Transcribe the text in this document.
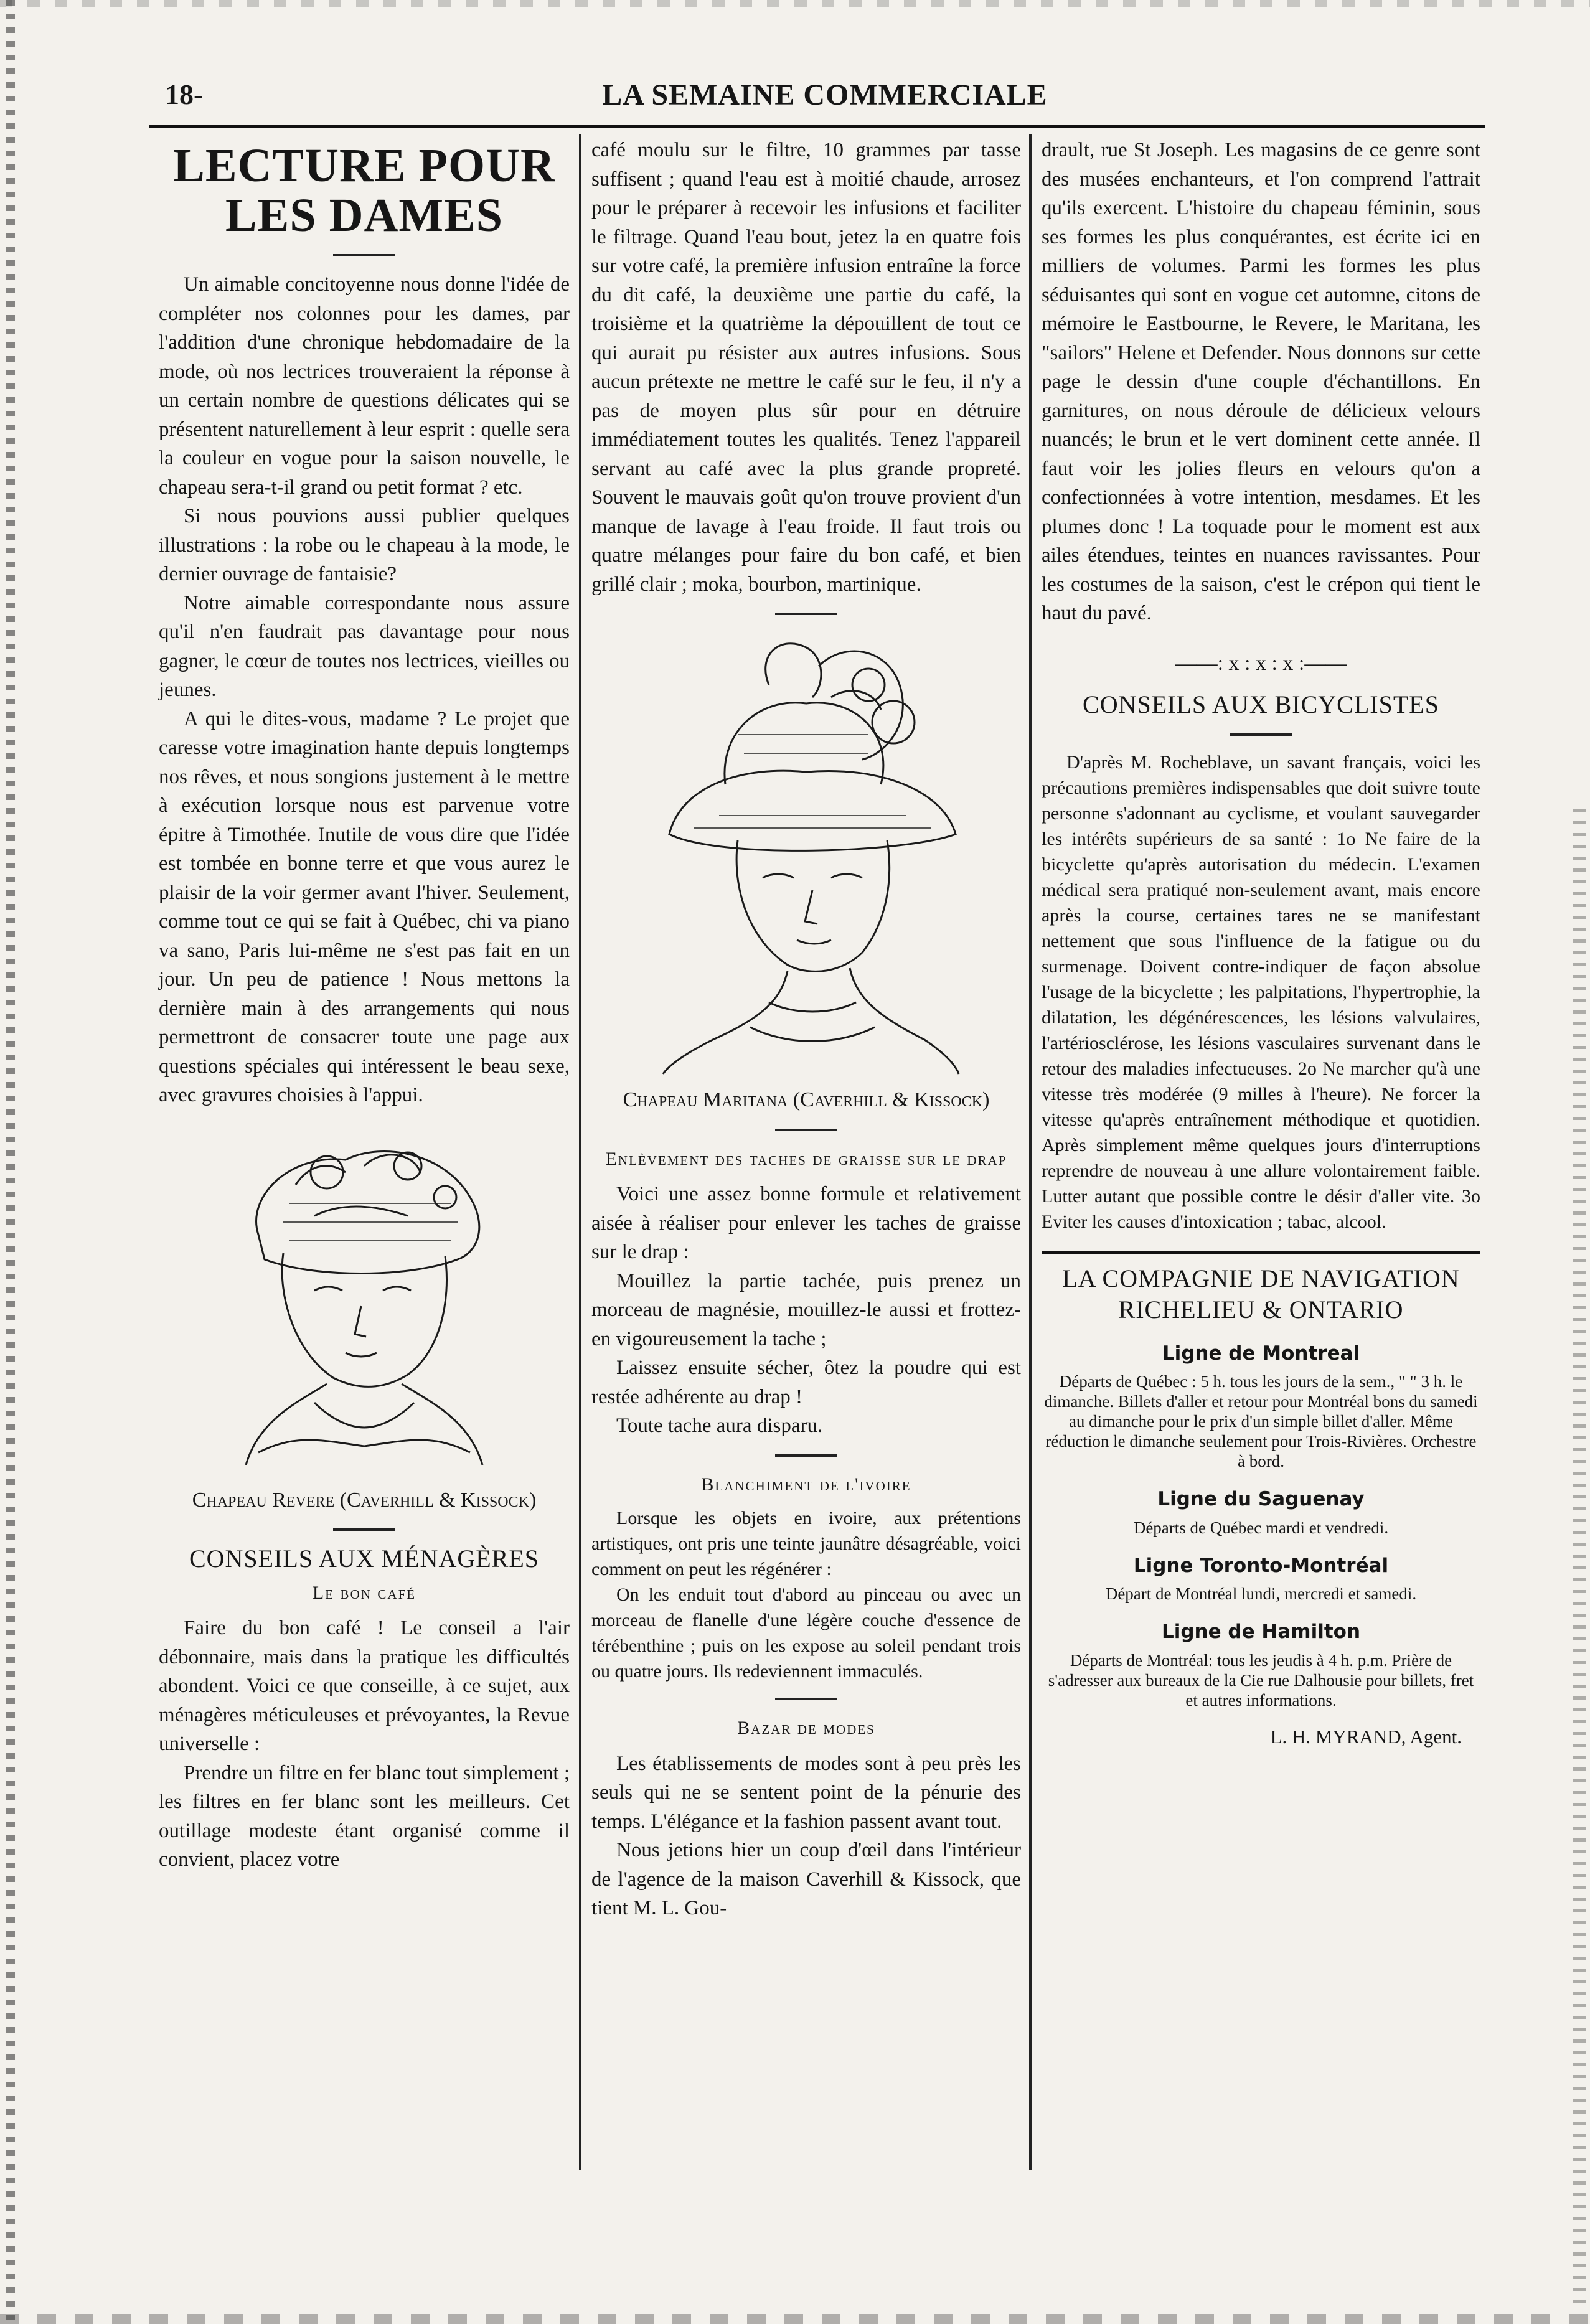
18-	LA SEMAINE COMMERCIALE
LECTURE POUR LES DAMES

Un aimable concitoyenne nous donne l'idée de compléter nos colonnes pour les dames, par l'addition d'une chronique hebdomadaire de la mode, où nos lectrices trouveraient la réponse à un certain nombre de questions délicates qui se présentent naturellement à leur esprit : quelle sera la couleur en vogue pour la saison nouvelle, le chapeau sera-t-il grand ou petit format ? etc.

Si nous pouvions aussi publier quelques illustrations : la robe ou le chapeau à la mode, le dernier ouvrage de fantaisie?

Notre aimable correspondante nous assure qu'il n'en faudrait pas davantage pour nous gagner, le cœur de toutes nos lectrices, vieilles ou jeunes.

A qui le dites-vous, madame ? Le projet que caresse votre imagination hante depuis longtemps nos rêves, et nous songions justement à le mettre à exécution lorsque nous est parvenue votre épitre à Timothée. Inutile de vous dire que l'idée est tombée en bonne terre et que vous aurez le plaisir de la voir germer avant l'hiver. Seulement, comme tout ce qui se fait à Québec, chi va piano va sano, Paris lui-même ne s'est pas fait en un jour. Un peu de patience ! Nous mettons la dernière main à des arrangements qui nous permettront de consacrer toute une page aux questions spéciales qui intéressent le beau sexe, avec gravures choisies à l'appui.

Chapeau Revere (Caverhill & Kissock)
CONSEILS AUX MÉNAGÈRES
Le bon café

Faire du bon café ! Le conseil a l'air débonnaire, mais dans la pratique les difficultés abondent. Voici ce que conseille, à ce sujet, aux ménagères méticuleuses et prévoyantes, la Revue universelle :

Prendre un filtre en fer blanc tout simplement ; les filtres en fer blanc sont les meilleurs. Cet outillage modeste étant organisé comme il convient, placez votre

café moulu sur le filtre, 10 grammes par tasse suffisent ; quand l'eau est à moitié chaude, arrosez pour le préparer à recevoir les infusions et faciliter le filtrage. Quand l'eau bout, jetez la en quatre fois sur votre café, la première infusion entraîne la force du dit café, la deuxième une partie du café, la troisième et la quatrième la dépouillent de tout ce qui aurait pu résister aux autres infusions. Sous aucun prétexte ne mettre le café sur le feu, il n'y a pas de moyen plus sûr pour en détruire immédiatement toutes les qualités. Tenez l'appareil servant au café avec la plus grande propreté. Souvent le mauvais goût qu'on trouve provient d'un manque de lavage à l'eau froide. Il faut trois ou quatre mélanges pour faire du bon café, et bien grillé clair ; moka, bourbon, martinique.

Chapeau Maritana (Caverhill & Kissock)
Enlèvement des taches de graisse sur le drap

Voici une assez bonne formule et relativement aisée à réaliser pour enlever les taches de graisse sur le drap :

Mouillez la partie tachée, puis prenez un morceau de magnésie, mouillez-le aussi et frottez-en vigoureusement la tache ;

Laissez ensuite sécher, ôtez la poudre qui est restée adhérente au drap !

Toute tache aura disparu.

Blanchiment de l'ivoire

Lorsque les objets en ivoire, aux prétentions artistiques, ont pris une teinte jaunâtre désagréable, voici comment on peut les régénérer :

On les enduit tout d'abord au pinceau ou avec un morceau de flanelle d'une légère couche d'essence de térébenthine ; puis on les expose au soleil pendant trois ou quatre jours. Ils redeviennent immaculés.

Bazar de modes

Les établissements de modes sont à peu près les seuls qui ne se sentent point de la pénurie des temps. L'élégance et la fashion passent avant tout.

Nous jetions hier un coup d'œil dans l'intérieur de l'agence de la maison Caverhill & Kissock, que tient M. L. Gou-

drault, rue St Joseph. Les magasins de ce genre sont des musées enchanteurs, et l'on comprend l'attrait qu'ils exercent. L'histoire du chapeau féminin, sous ses formes les plus conquérantes, est écrite ici en milliers de volumes. Parmi les formes les plus séduisantes qui sont en vogue cet automne, citons de mémoire le Eastbourne, le Revere, le Maritana, les "sailors" Helene et Defender. Nous donnons sur cette page le dessin d'une couple d'échantillons. En garnitures, on nous déroule de délicieux velours nuancés; le brun et le vert dominent cette année. Il faut voir les jolies fleurs en velours qu'on a confectionnées à votre intention, mesdames. Et les plumes donc ! La toquade pour le moment est aux ailes étendues, teintes en nuances ravissantes. Pour les costumes de la saison, c'est le crépon qui tient le haut du pavé.

——: x : x : x :——
CONSEILS AUX BICYCLISTES

D'après M. Rocheblave, un savant français, voici les précautions premières indispensables que doit suivre toute personne s'adonnant au cyclisme, et voulant sauvegarder les intérêts supérieurs de sa santé : 1o Ne faire de la bicyclette qu'après autorisation du médecin. L'examen médical sera pratiqué non-seulement avant, mais encore après la course, certaines tares ne se manifestant nettement que sous l'influence de la fatigue ou du surmenage. Doivent contre-indiquer de façon absolue l'usage de la bicyclette ; les palpitations, l'hypertrophie, la dilatation, les dégénérescences, les lésions valvulaires, l'artériosclérose, les lésions vasculaires survenant dans le retour des maladies infectueuses. 2o Ne marcher qu'à une vitesse très modérée (9 milles à l'heure). Ne forcer la vitesse qu'après entraînement méthodique et quotidien. Après simplement même quelques jours d'interruptions reprendre de nouveau à une allure volontairement faible. Lutter autant que possible contre le désir d'aller vite. 3o Eviter les causes d'intoxication ; tabac, alcool.

LA COMPAGNIE DE NAVIGATION RICHELIEU & ONTARIO
Ligne de Montreal
Départs de Québec : 5 h. tous les jours de la sem., " " 3 h. le dimanche. Billets d'aller et retour pour Montréal bons du samedi au dimanche pour le prix d'un simple billet d'aller. Même réduction le dimanche seulement pour Trois-Rivières. Orchestre à bord.
Ligne du Saguenay
Départs de Québec mardi et vendredi.
Ligne Toronto-Montréal
Départ de Montréal lundi, mercredi et samedi.
Ligne de Hamilton
Départs de Montréal: tous les jeudis à 4 h. p.m. Prière de s'adresser aux bureaux de la Cie rue Dalhousie pour billets, fret et autres informations.
L. H. MYRAND, Agent.
